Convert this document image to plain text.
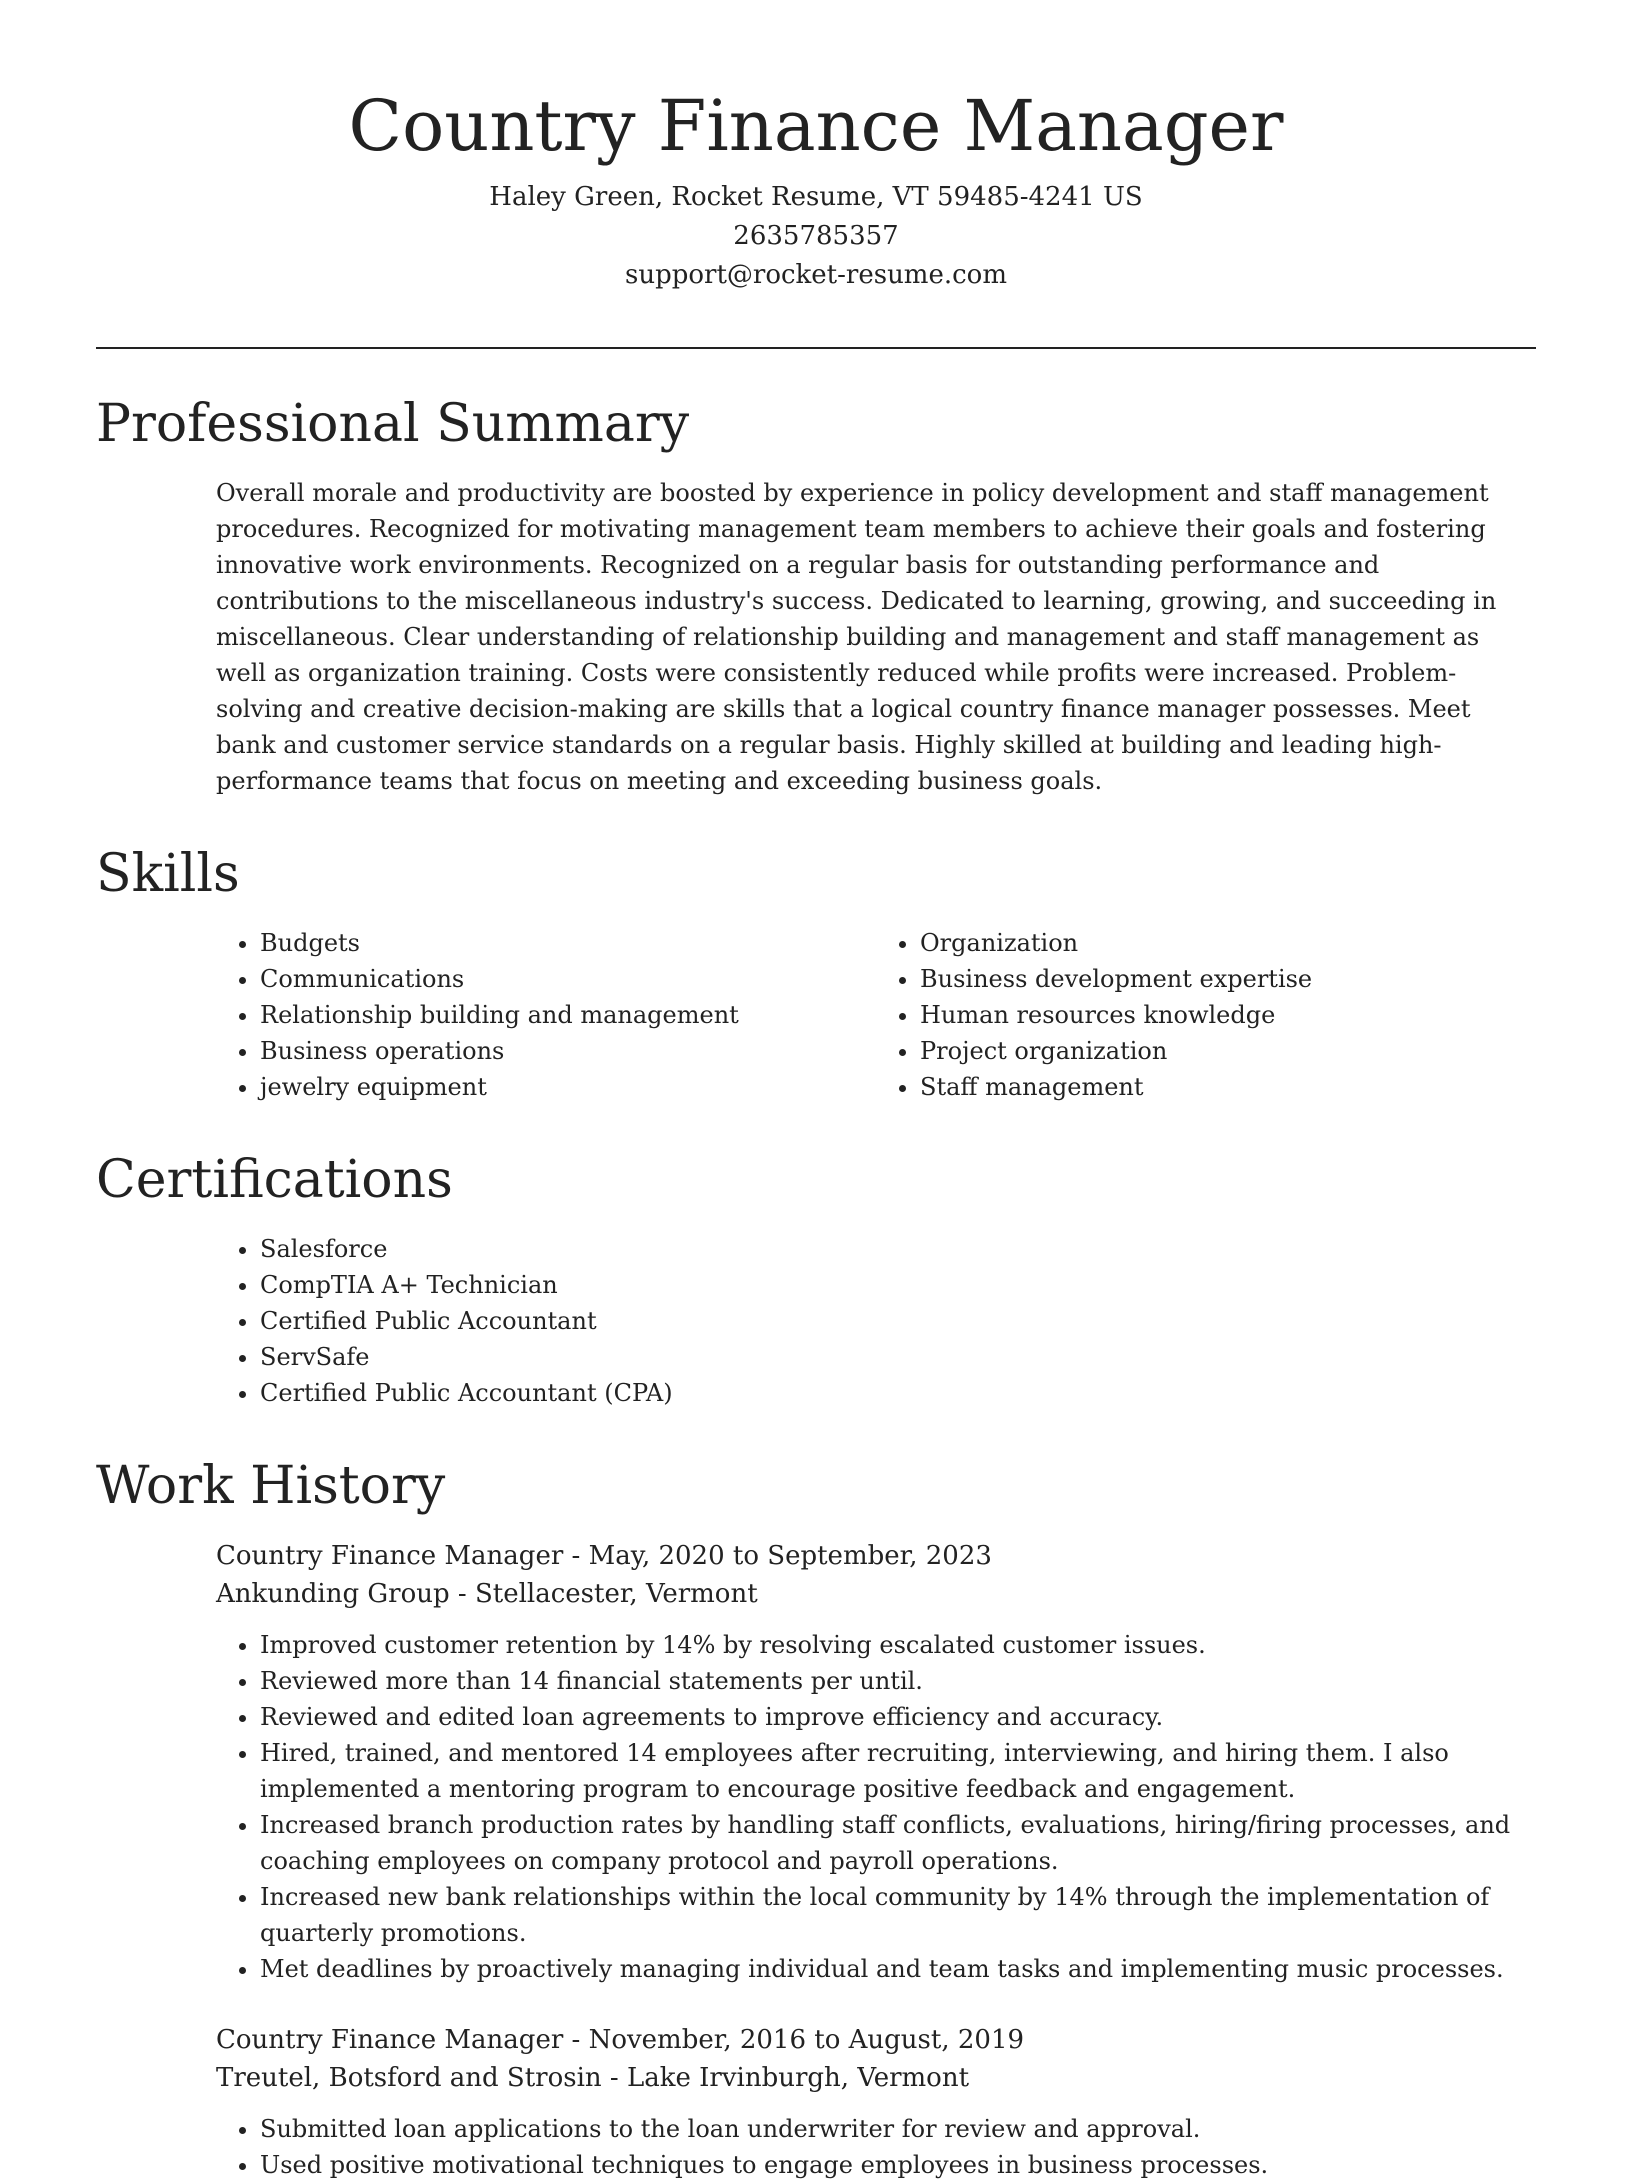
Country Finance Manager

Haley Green, Rocket Resume, VT 59485-4241 US

2635785357

support@rocket-resume.com

Professional Summary

Overall morale and productivity are boosted by experience in policy development and staff management procedures. Recognized for motivating management team members to achieve their goals and fostering innovative work environments. Recognized on a regular basis for outstanding performance and contributions to the miscellaneous industry's success. Dedicated to learning, growing, and succeeding in miscellaneous. Clear understanding of relationship building and management and staff management as well as organization training. Costs were consistently reduced while profits were increased. Problem-solving and creative decision-making are skills that a logical country finance manager possesses. Meet bank and customer service standards on a regular basis. Highly skilled at building and leading high-performance teams that focus on meeting and exceeding business goals.

Skills
• Budgets
• Communications
• Relationship building and management
• Business operations
• jewelry equipment
• Organization
• Business development expertise
• Human resources knowledge
• Project organization
• Staff management
Certifications
• Salesforce
• CompTIA A+ Technician
• Certified Public Accountant
• ServSafe
• Certified Public Accountant (CPA)
Work History

Country Finance Manager - May, 2020 to September, 2023

Ankunding Group - Stellacester, Vermont

• Improved customer retention by 14% by resolving escalated customer issues.
• Reviewed more than 14 financial statements per until.
• Reviewed and edited loan agreements to improve efficiency and accuracy.
• Hired, trained, and mentored 14 employees after recruiting, interviewing, and hiring them. I also implemented a mentoring program to encourage positive feedback and engagement.
• Increased branch production rates by handling staff conflicts, evaluations, hiring/firing processes, and coaching employees on company protocol and payroll operations.
• Increased new bank relationships within the local community by 14% through the implementation of quarterly promotions.
• Met deadlines by proactively managing individual and team tasks and implementing music processes.

Country Finance Manager - November, 2016 to August, 2019

Treutel, Botsford and Strosin - Lake Irvinburgh, Vermont

• Submitted loan applications to the loan underwriter for review and approval.
• Used positive motivational techniques to engage employees in business processes.
